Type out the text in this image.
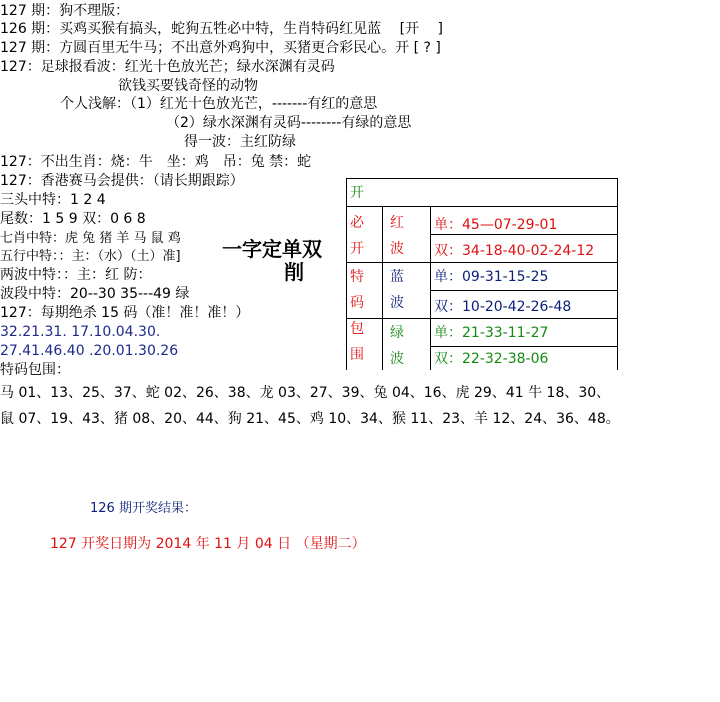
127 期：狗不理版：
126 期：买鸡买猴有搞头，蛇狗五牲必中特，生肖特码红见蓝　 [开　 ]
127 期：方圆百里无牛马；不出意外鸡狗中，买猪更合彩民心。开 [ ? ]
127：足球报看波：红光十色放光芒；绿水深渊有灵码
欲钱买要钱奇怪的动物
个人浅解：（1）红光十色放光芒，-------有红的意思
（2）绿水深渊有灵码--------有绿的意思
得一波：主红防绿
127：不出生肖：烧：牛　坐：鸡　吊：兔 禁：蛇
127：香港赛马会提供：（请长期跟踪）
三头中特：1 2 4
尾数：1 5 9 双：0 6 8
七肖中特：虎 兔 猪 羊 马 鼠 鸡
五行中特：：主：（水）（土）准]
两波中特：：主：红 防：
波段中特：20--30 35---49 绿
127：每期绝杀 15 码（准！准！准！）
32.21.31. 17.10.04.30.
27.41.46.40 .20.01.30.26
特码包围：
马 01、13、25、37、蛇 02、26、38、龙 03、27、39、兔 04、16、虎 29、41 牛 18、30、
鼠 07、19、43、猪 08、20、44、狗 21、45、鸡 10、34、猴 11、23、羊 12、24、36、48。
126 期开奖结果：
127 开奖日期为 2014 年 11 月 04 日 （星期二）
一字定单双
削
开
必
开
特
码
包
围
红
波
单：45—07-29-01
双：34-18-40-02-24-12
蓝
波
单：09-31-15-25
双：10-20-42-26-48
绿
波
单：21-33-11-27
双：22-32-38-06
